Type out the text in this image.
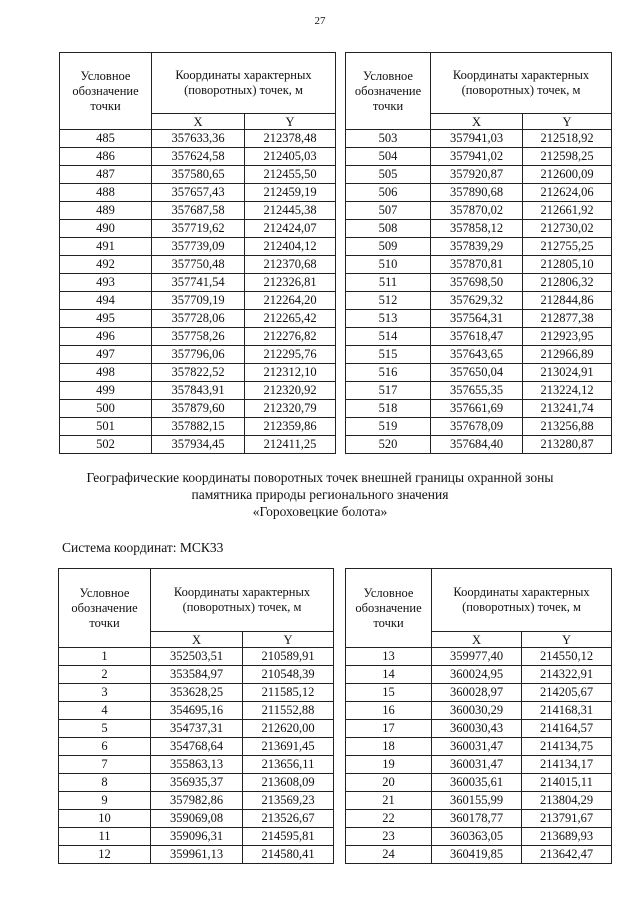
27
Условное обозначение точки	Координаты характерных (поворотных) точек, м	
	X	Y
485	357633,36	212378,48
486	357624,58	212405,03
487	357580,65	212455,50
488	357657,43	212459,19
489	357687,58	212445,38
490	357719,62	212424,07
491	357739,09	212404,12
492	357750,48	212370,68
493	357741,54	212326,81
494	357709,19	212264,20
495	357728,06	212265,42
496	357758,26	212276,82
497	357796,06	212295,76
498	357822,52	212312,10
499	357843,91	212320,92
500	357879,60	212320,79
501	357882,15	212359,86
502	357934,45	212411,25
Условное обозначение точки	Координаты характерных (поворотных) точек, м	
	X	Y
503	357941,03	212518,92
504	357941,02	212598,25
505	357920,87	212600,09
506	357890,68	212624,06
507	357870,02	212661,92
508	357858,12	212730,02
509	357839,29	212755,25
510	357870,81	212805,10
511	357698,50	212806,32
512	357629,32	212844,86
513	357564,31	212877,38
514	357618,47	212923,95
515	357643,65	212966,89
516	357650,04	213024,91
517	357655,35	213224,12
518	357661,69	213241,74
519	357678,09	213256,88
520	357684,40	213280,87
Географические координаты поворотных точек внешней границы охранной зоны
памятника природы регионального значения
«Гороховецкие болота»
Система координат: МСК33
Условное обозначение точки	Координаты характерных (поворотных) точек, м	
	X	Y
1	352503,51	210589,91
2	353584,97	210548,39
3	353628,25	211585,12
4	354695,16	211552,88
5	354737,31	212620,00
6	354768,64	213691,45
7	355863,13	213656,11
8	356935,37	213608,09
9	357982,86	213569,23
10	359069,08	213526,67
11	359096,31	214595,81
12	359961,13	214580,41
Условное обозначение точки	Координаты характерных (поворотных) точек, м	
	X	Y
13	359977,40	214550,12
14	360024,95	214322,91
15	360028,97	214205,67
16	360030,29	214168,31
17	360030,43	214164,57
18	360031,47	214134,75
19	360031,47	214134,17
20	360035,61	214015,11
21	360155,99	213804,29
22	360178,77	213791,67
23	360363,05	213689,93
24	360419,85	213642,47
